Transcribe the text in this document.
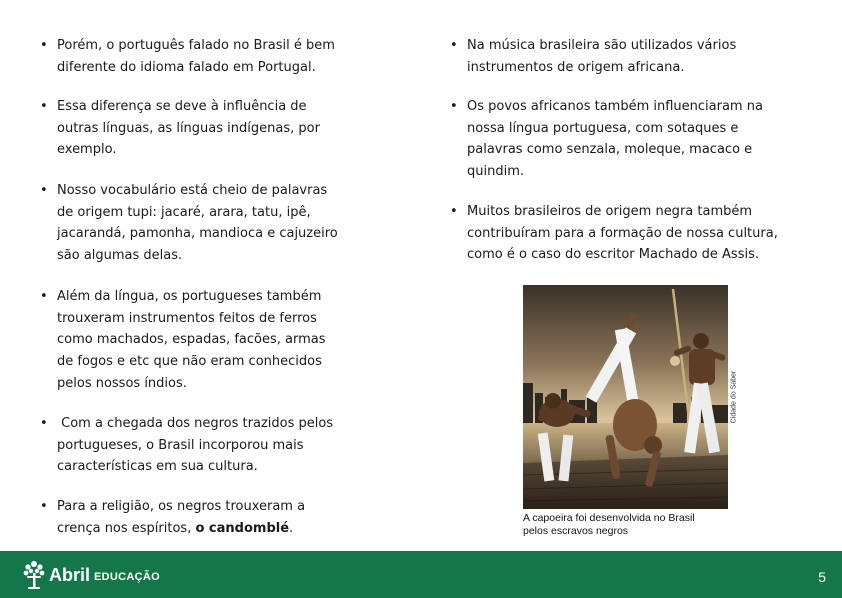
• Porém, o português falado no Brasil é bem
diferente do idioma falado em Portugal.
• Essa diferença se deve à influência de
outras línguas, as línguas indígenas, por
exemplo.
• Nosso vocabulário está cheio de palavras
de origem tupi: jacaré, arara, tatu, ipê,
jacarandá, pamonha, mandioca e cajuzeiro
são algumas delas.
• Além da língua, os portugueses também
trouxeram instrumentos feitos de ferros
como machados, espadas, facões, armas
de fogos e etc que não eram conhecidos
pelos nossos índios.
•  Com a chegada dos negros trazidos pelos
portugueses, o Brasil incorporou mais
características em sua cultura.
• Para a religião, os negros trouxeram a
crença nos espíritos, o candomblé.
• Na música brasileira são utilizados vários
instrumentos de origem africana.
• Os povos africanos também influenciaram na
nossa língua portuguesa, com sotaques e
palavras como senzala, moleque, macaco e
quindim.
• Muitos brasileiros de origem negra também
contribuíram para a formação de nossa cultura,
como é o caso do escritor Machado de Assis.
Cidade do Saber
A capoeira foi desenvolvida no Brasil
pelos escravos negros
Abril EDUCAÇÃO	5
